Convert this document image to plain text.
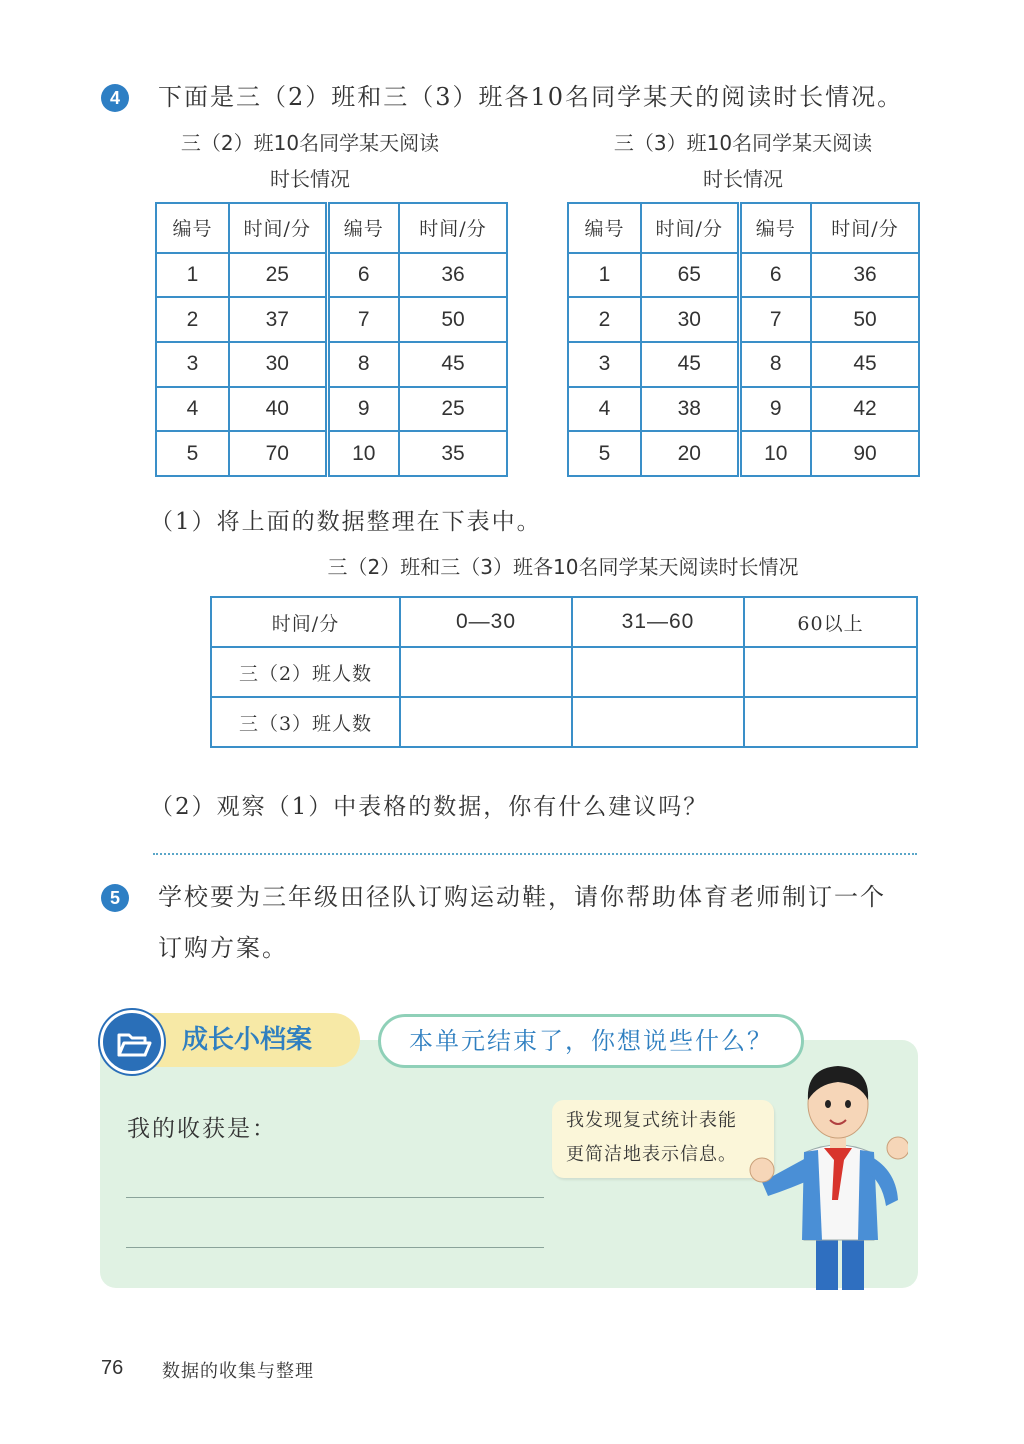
4	下面是三（2）班和三（3）班各10名同学某天的阅读时长情况。
三（2）班10名同学某天阅读
时长情况
编号	时间/分	编号	时间/分
1	25	6	36
2	37	7	50
3	30	8	45
4	40	9	25
5	70	10	35
三（3）班10名同学某天阅读
时长情况
编号	时间/分	编号	时间/分
1	65	6	36
2	30	7	50
3	45	8	45
4	38	9	42
5	20	10	90
（1）将上面的数据整理在下表中。
三（2）班和三（3）班各10名同学某天阅读时长情况
时间/分	0—30	31—60	60以上
三（2）班人数			
三（3）班人数			
（2）观察（1）中表格的数据，你有什么建议吗？
5	学校要为三年级田径队订购运动鞋，请你帮助体育老师制订一个
订购方案。
成长小档案	本单元结束了，你想说些什么？
我的收获是：	我发现复式统计表能
更简洁地表示信息。
76 数据的收集与整理
